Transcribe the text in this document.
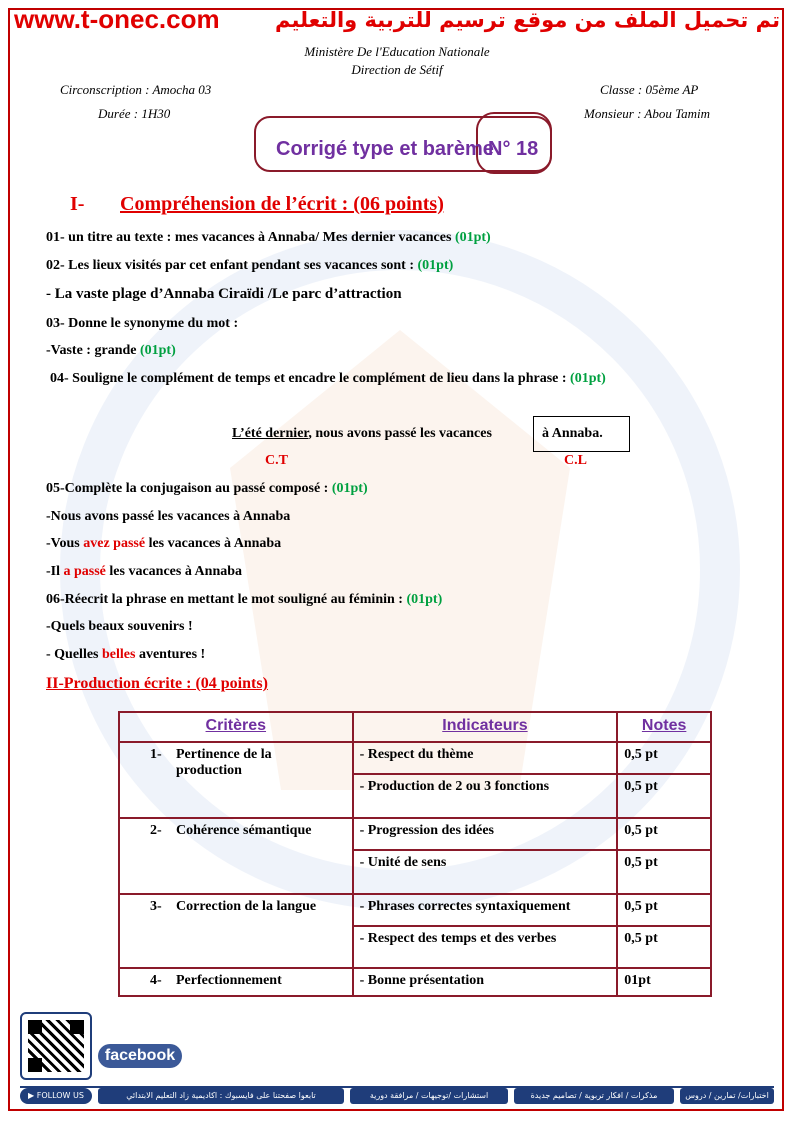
www.t-onec.com	تم تحميل الملف من موقع ترسيم للتربية والتعليم
Ministère De l'Education Nationale
Direction de Sétif
Circonscription : Amocha 03
Durée : 1H30
Classe : 05ème AP
Monsieur : Abou Tamim
Corrigé type et barème
N° 18
I- Compréhension de l’écrit : (06 points)
01- un titre au texte : mes vacances à Annaba/ Mes dernier vacances (01pt)
02- Les lieux visités par cet enfant pendant ses vacances sont : (01pt)
- La vaste plage d’Annaba Ciraïdi /Le parc d’attraction
03- Donne le synonyme du mot :
-Vaste : grande (01pt)
04- Souligne le complément de temps et encadre le complément de lieu dans la phrase : (01pt)
L’été dernier, nous avons passé les vacances	à Annaba.
C.T	C.L
05-Complète la conjugaison au passé composé : (01pt)
-Nous avons passé les vacances à Annaba
-Vous avez passé les vacances à Annaba
-Il a passé les vacances à Annaba
06-Réecrit la phrase en mettant le mot souligné au féminin : (01pt)
-Quels beaux souvenirs !
- Quelles belles aventures !
II-Production écrite : (04 points)
Critères	Indicateurs	Notes

1- Pertinence de la production	- Respect du thème	0,5 pt
	- Production de 2 ou 3 fonctions	0,5 pt

2- Cohérence sémantique	- Progression des idées	0,5 pt
	- Unité de sens	0,5 pt

3- Correction de la langue	- Phrases correctes syntaxiquement	0,5 pt
	- Respect des temps et des verbes	0,5 pt

4- Perfectionnement	- Bonne présentation	01pt
facebook
▶ FOLLOW US	تابعوا صفحتنا على فايسبوك : اكاديمية زاد التعليم الابتدائي	استشارات /توجيهات / مرافقة دورية	مذكرات / افكار تربوية / تصاميم جديدة	اختبارات/ تمارين / دروس
